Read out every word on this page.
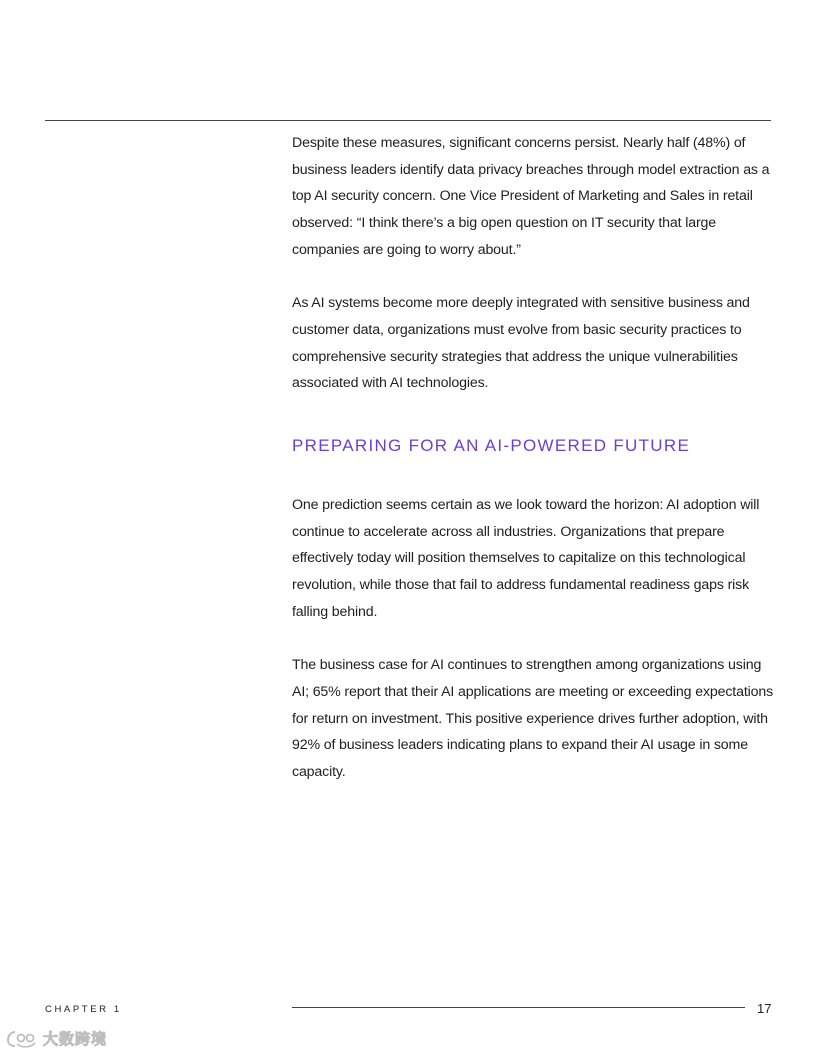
Despite these measures, significant concerns persist. Nearly half (48%) of business leaders identify data privacy breaches through model extraction as a top AI security concern. One Vice President of Marketing and Sales in retail observed: “I think there’s a big open question on IT security that large companies are going to worry about.”

As AI systems become more deeply integrated with sensitive business and customer data, organizations must evolve from basic security practices to comprehensive security strategies that address the unique vulnerabilities associated with AI technologies.

PREPARING FOR AN AI-POWERED FUTURE

One prediction seems certain as we look toward the horizon: AI adoption will continue to accelerate across all industries. Organizations that prepare effectively today will position themselves to capitalize on this technological revolution, while those that fail to address fundamental readiness gaps risk falling behind.

The business case for AI continues to strengthen among organizations using AI; 65% report that their AI applications are meeting or exceeding expectations for return on investment. This positive experience drives further adoption, with 92% of business leaders indicating plans to expand their AI usage in some capacity.

CHAPTER 1	17
大数跨境
